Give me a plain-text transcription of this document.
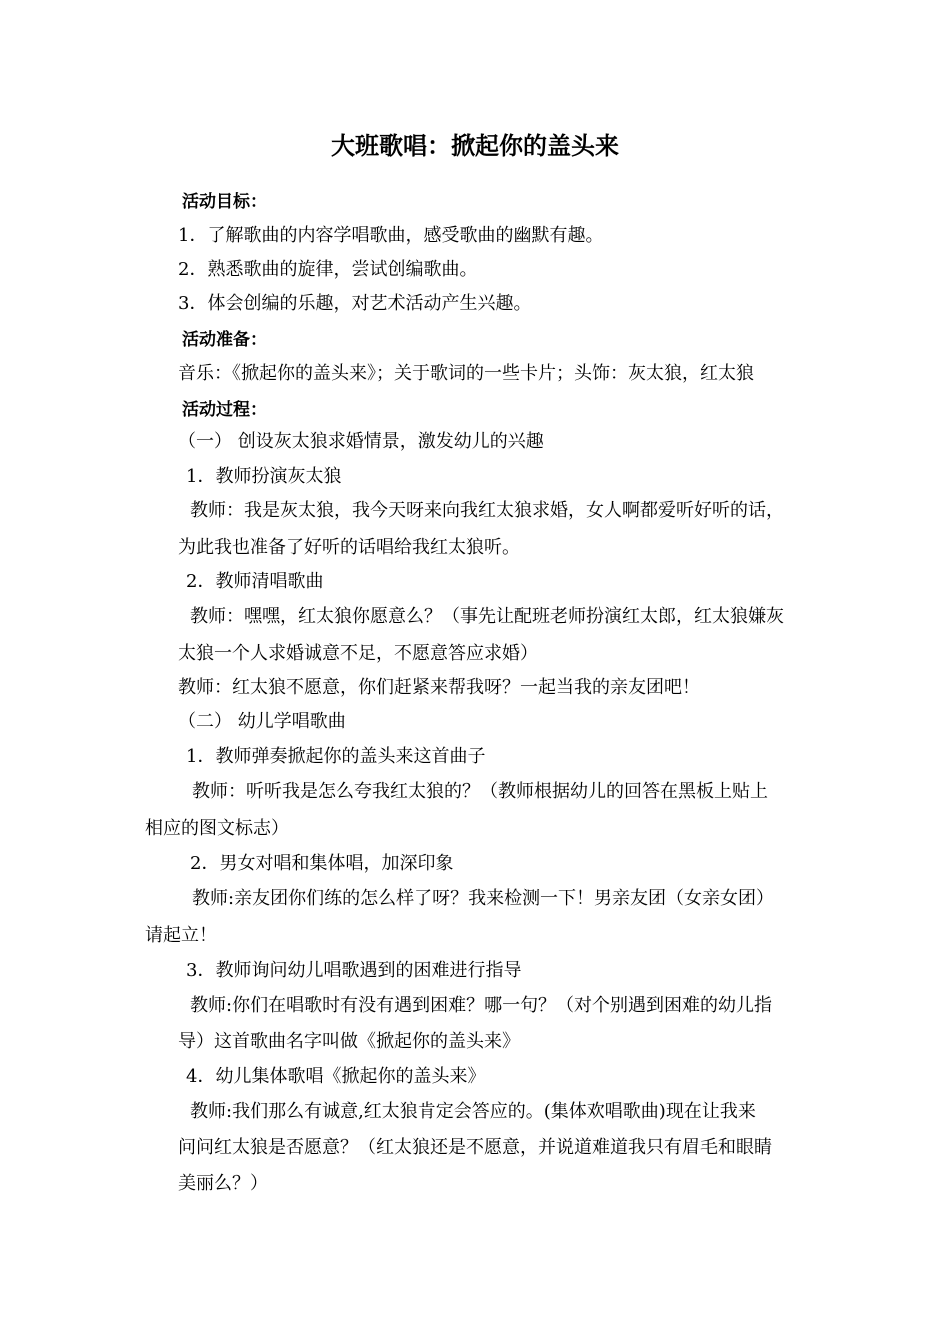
大班歌唱：掀起你的盖头来
活动目标：
1．了解歌曲的内容学唱歌曲，感受歌曲的幽默有趣。
2．熟悉歌曲的旋律，尝试创编歌曲。
3．体会创编的乐趣，对艺术活动产生兴趣。
活动准备：
音乐：《掀起你的盖头来》；关于歌词的一些卡片；头饰：灰太狼，红太狼
活动过程：
（一） 创设灰太狼求婚情景，激发幼儿的兴趣
1．教师扮演灰太狼
教师：我是灰太狼，我今天呀来向我红太狼求婚，女人啊都爱听好听的话，
为此我也准备了好听的话唱给我红太狼听。
2．教师清唱歌曲
教师：嘿嘿，红太狼你愿意么？（事先让配班老师扮演红太郎，红太狼嫌灰
太狼一个人求婚诚意不足，不愿意答应求婚）
教师：红太狼不愿意，你们赶紧来帮我呀？一起当我的亲友团吧！
（二） 幼儿学唱歌曲
1．教师弹奏掀起你的盖头来这首曲子
教师：听听我是怎么夸我红太狼的？（教师根据幼儿的回答在黑板上贴上
相应的图文标志）
2．男女对唱和集体唱，加深印象
教师:亲友团你们练的怎么样了呀？我来检测一下！男亲友团（女亲女团）
请起立！
3．教师询问幼儿唱歌遇到的困难进行指导
教师:你们在唱歌时有没有遇到困难？哪一句？（对个别遇到困难的幼儿指
导）这首歌曲名字叫做《掀起你的盖头来》
4．幼儿集体歌唱《掀起你的盖头来》
教师:我们那么有诚意,红太狼肯定会答应的。(集体欢唱歌曲)现在让我来
问问红太狼是否愿意？（红太狼还是不愿意，并说道难道我只有眉毛和眼睛
美丽么？）
